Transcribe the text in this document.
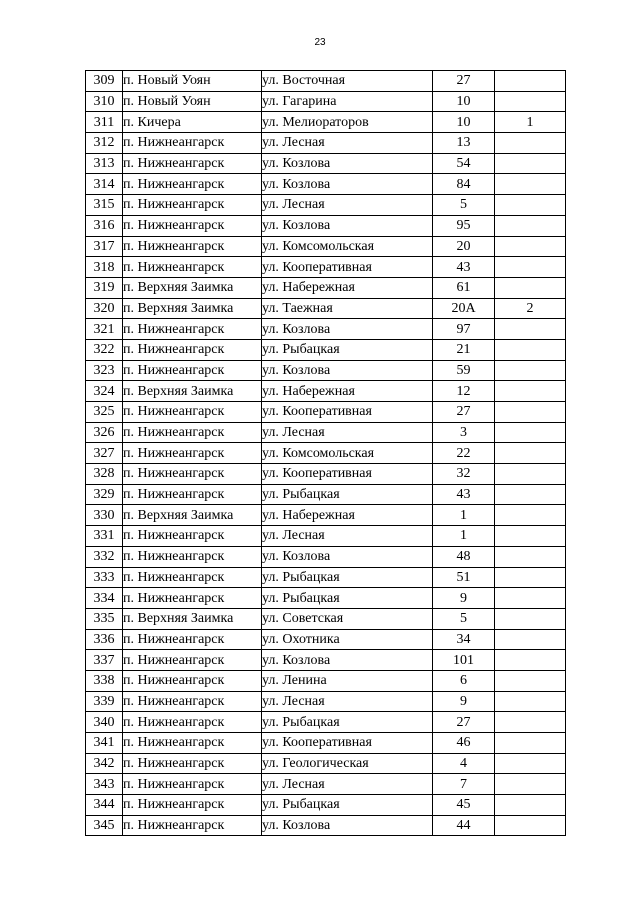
23
309	п. Новый Уоян	ул. Восточная	27	
310	п. Новый Уоян	ул. Гагарина	10	
311	п. Кичера	ул. Мелиораторов	10	1
312	п. Нижнеангарск	ул. Лесная	13	
313	п. Нижнеангарск	ул. Козлова	54	
314	п. Нижнеангарск	ул. Козлова	84	
315	п. Нижнеангарск	ул. Лесная	5	
316	п. Нижнеангарск	ул. Козлова	95	
317	п. Нижнеангарск	ул. Комсомольская	20	
318	п. Нижнеангарск	ул. Кооперативная	43	
319	п. Верхняя Заимка	ул. Набережная	61	
320	п. Верхняя Заимка	ул. Таежная	20А	2
321	п. Нижнеангарск	ул. Козлова	97	
322	п. Нижнеангарск	ул. Рыбацкая	21	
323	п. Нижнеангарск	ул. Козлова	59	
324	п. Верхняя Заимка	ул. Набережная	12	
325	п. Нижнеангарск	ул. Кооперативная	27	
326	п. Нижнеангарск	ул. Лесная	3	
327	п. Нижнеангарск	ул. Комсомольская	22	
328	п. Нижнеангарск	ул. Кооперативная	32	
329	п. Нижнеангарск	ул. Рыбацкая	43	
330	п. Верхняя Заимка	ул. Набережная	1	
331	п. Нижнеангарск	ул. Лесная	1	
332	п. Нижнеангарск	ул. Козлова	48	
333	п. Нижнеангарск	ул. Рыбацкая	51	
334	п. Нижнеангарск	ул. Рыбацкая	9	
335	п. Верхняя Заимка	ул. Советская	5	
336	п. Нижнеангарск	ул. Охотника	34	
337	п. Нижнеангарск	ул. Козлова	101	
338	п. Нижнеангарск	ул. Ленина	6	
339	п. Нижнеангарск	ул. Лесная	9	
340	п. Нижнеангарск	ул. Рыбацкая	27	
341	п. Нижнеангарск	ул. Кооперативная	46	
342	п. Нижнеангарск	ул. Геологическая	4	
343	п. Нижнеангарск	ул. Лесная	7	
344	п. Нижнеангарск	ул. Рыбацкая	45	
345	п. Нижнеангарск	ул. Козлова	44	
